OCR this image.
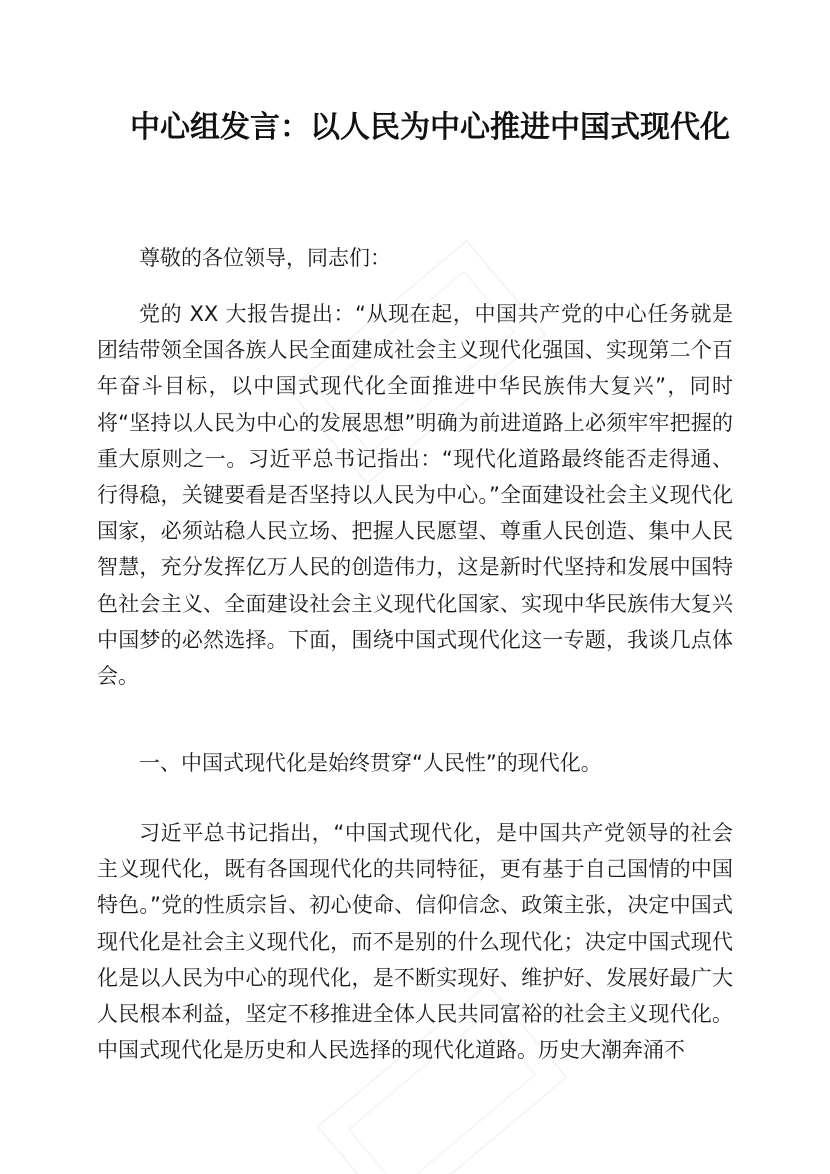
中心组发言：以人民为中心推进中国式现代化

尊敬的各位领导，同志们：

党的 XX 大报告提出：“从现在起，中国共产党的中心任务就是团结带领全国各族人民全面建成社会主义现代化强国、实现第二个百年奋斗目标，以中国式现代化全面推进中华民族伟大复兴”，同时将“坚持以人民为中心的发展思想”明确为前进道路上必须牢牢把握的重大原则之一。习近平总书记指出：“现代化道路最终能否走得通、行得稳，关键要看是否坚持以人民为中心。”全面建设社会主义现代化国家，必须站稳人民立场、把握人民愿望、尊重人民创造、集中人民智慧，充分发挥亿万人民的创造伟力，这是新时代坚持和发展中国特色社会主义、全面建设社会主义现代化国家、实现中华民族伟大复兴中国梦的必然选择。下面，围绕中国式现代化这一专题，我谈几点体会。

一、中国式现代化是始终贯穿“人民性”的现代化。

习近平总书记指出，“中国式现代化，是中国共产党领导的社会主义现代化，既有各国现代化的共同特征，更有基于自己国情的中国特色。”党的性质宗旨、初心使命、信仰信念、政策主张，决定中国式现代化是社会主义现代化，而不是别的什么现代化；决定中国式现代化是以人民为中心的现代化，是不断实现好、维护好、发展好最广大人民根本利益，坚定不移推进全体人民共同富裕的社会主义现代化。中国式现代化是历史和人民选择的现代化道路。历史大潮奔涌不
